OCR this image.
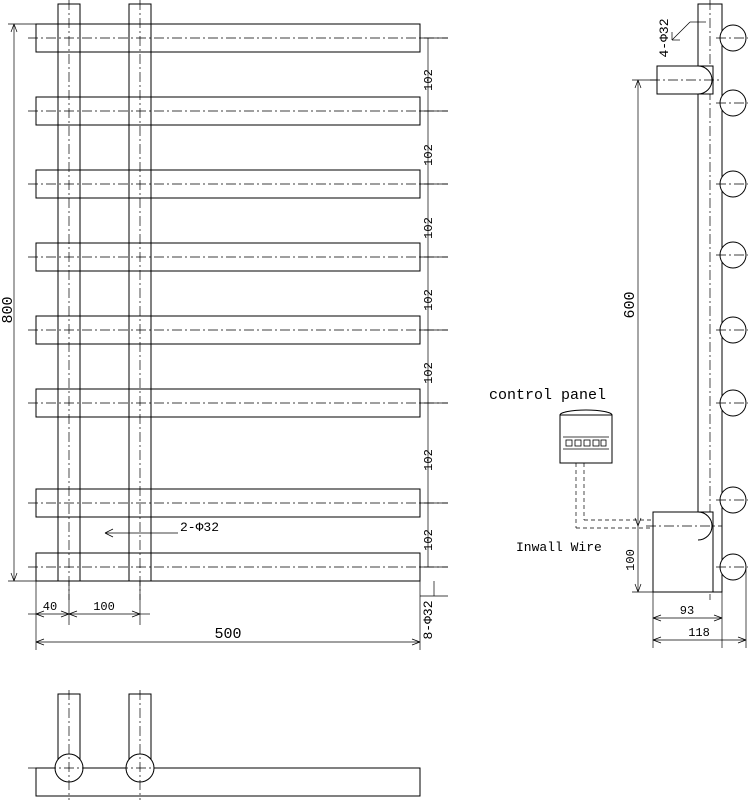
2-Φ32
800
102
102
102
102
102
102
102
8-Φ32
40	100
500
4-Φ32
600
100
93
118
control panel
Inwall Wire
